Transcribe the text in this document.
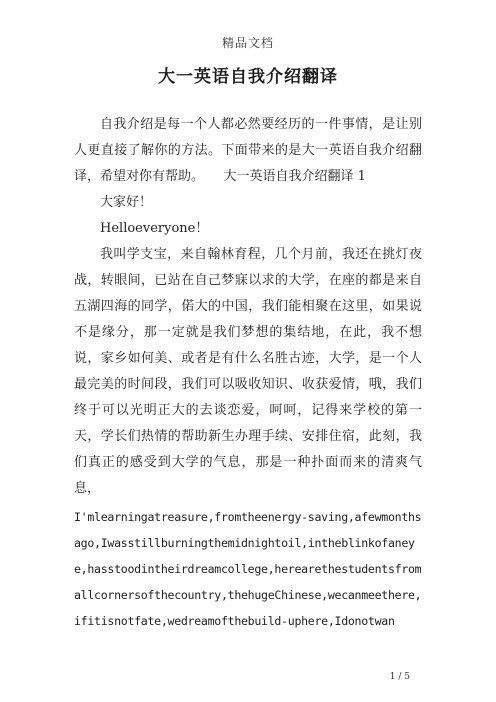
精品文档
大一英语自我介绍翻译

自我介绍是每一个人都必然要经历的一件事情，是让别人更直接了解你的方法。下面带来的是大一英语自我介绍翻译，希望对你有帮助。　　大一英语自我介绍翻译 1

大家好！

Helloeveryone！

我叫学支宝，来自翰林育程，几个月前，我还在挑灯夜战，转眼间，已站在自己梦寐以求的大学，在座的都是来自五湖四海的同学，偌大的中国，我们能相聚在这里，如果说不是缘分，那一定就是我们梦想的集结地，在此，我不想说，家乡如何美、或者是有什么名胜古迹，大学，是一个人最完美的时间段，我们可以吸收知识、收获爱情，哦，我们终于可以光明正大的去谈恋爱，呵呵，记得来学校的第一天，学长们热情的帮助新生办理手续、安排住宿，此刻，我们真正的感受到大学的气息，那是一种扑面而来的清爽气息，

I'mlearningatreasure,fromtheenergy-saving,afewmonthsago,Iwasstillburningthemidnightoil,intheblinkofaneye,hasstoodintheirdreamcollege,herearethestudentsfromallcornersofthecountry,thehugeChinese,wecanmeethere,ifitisnotfate,wedreamofthebuild-uphere,Idonotwan

1 / 5
